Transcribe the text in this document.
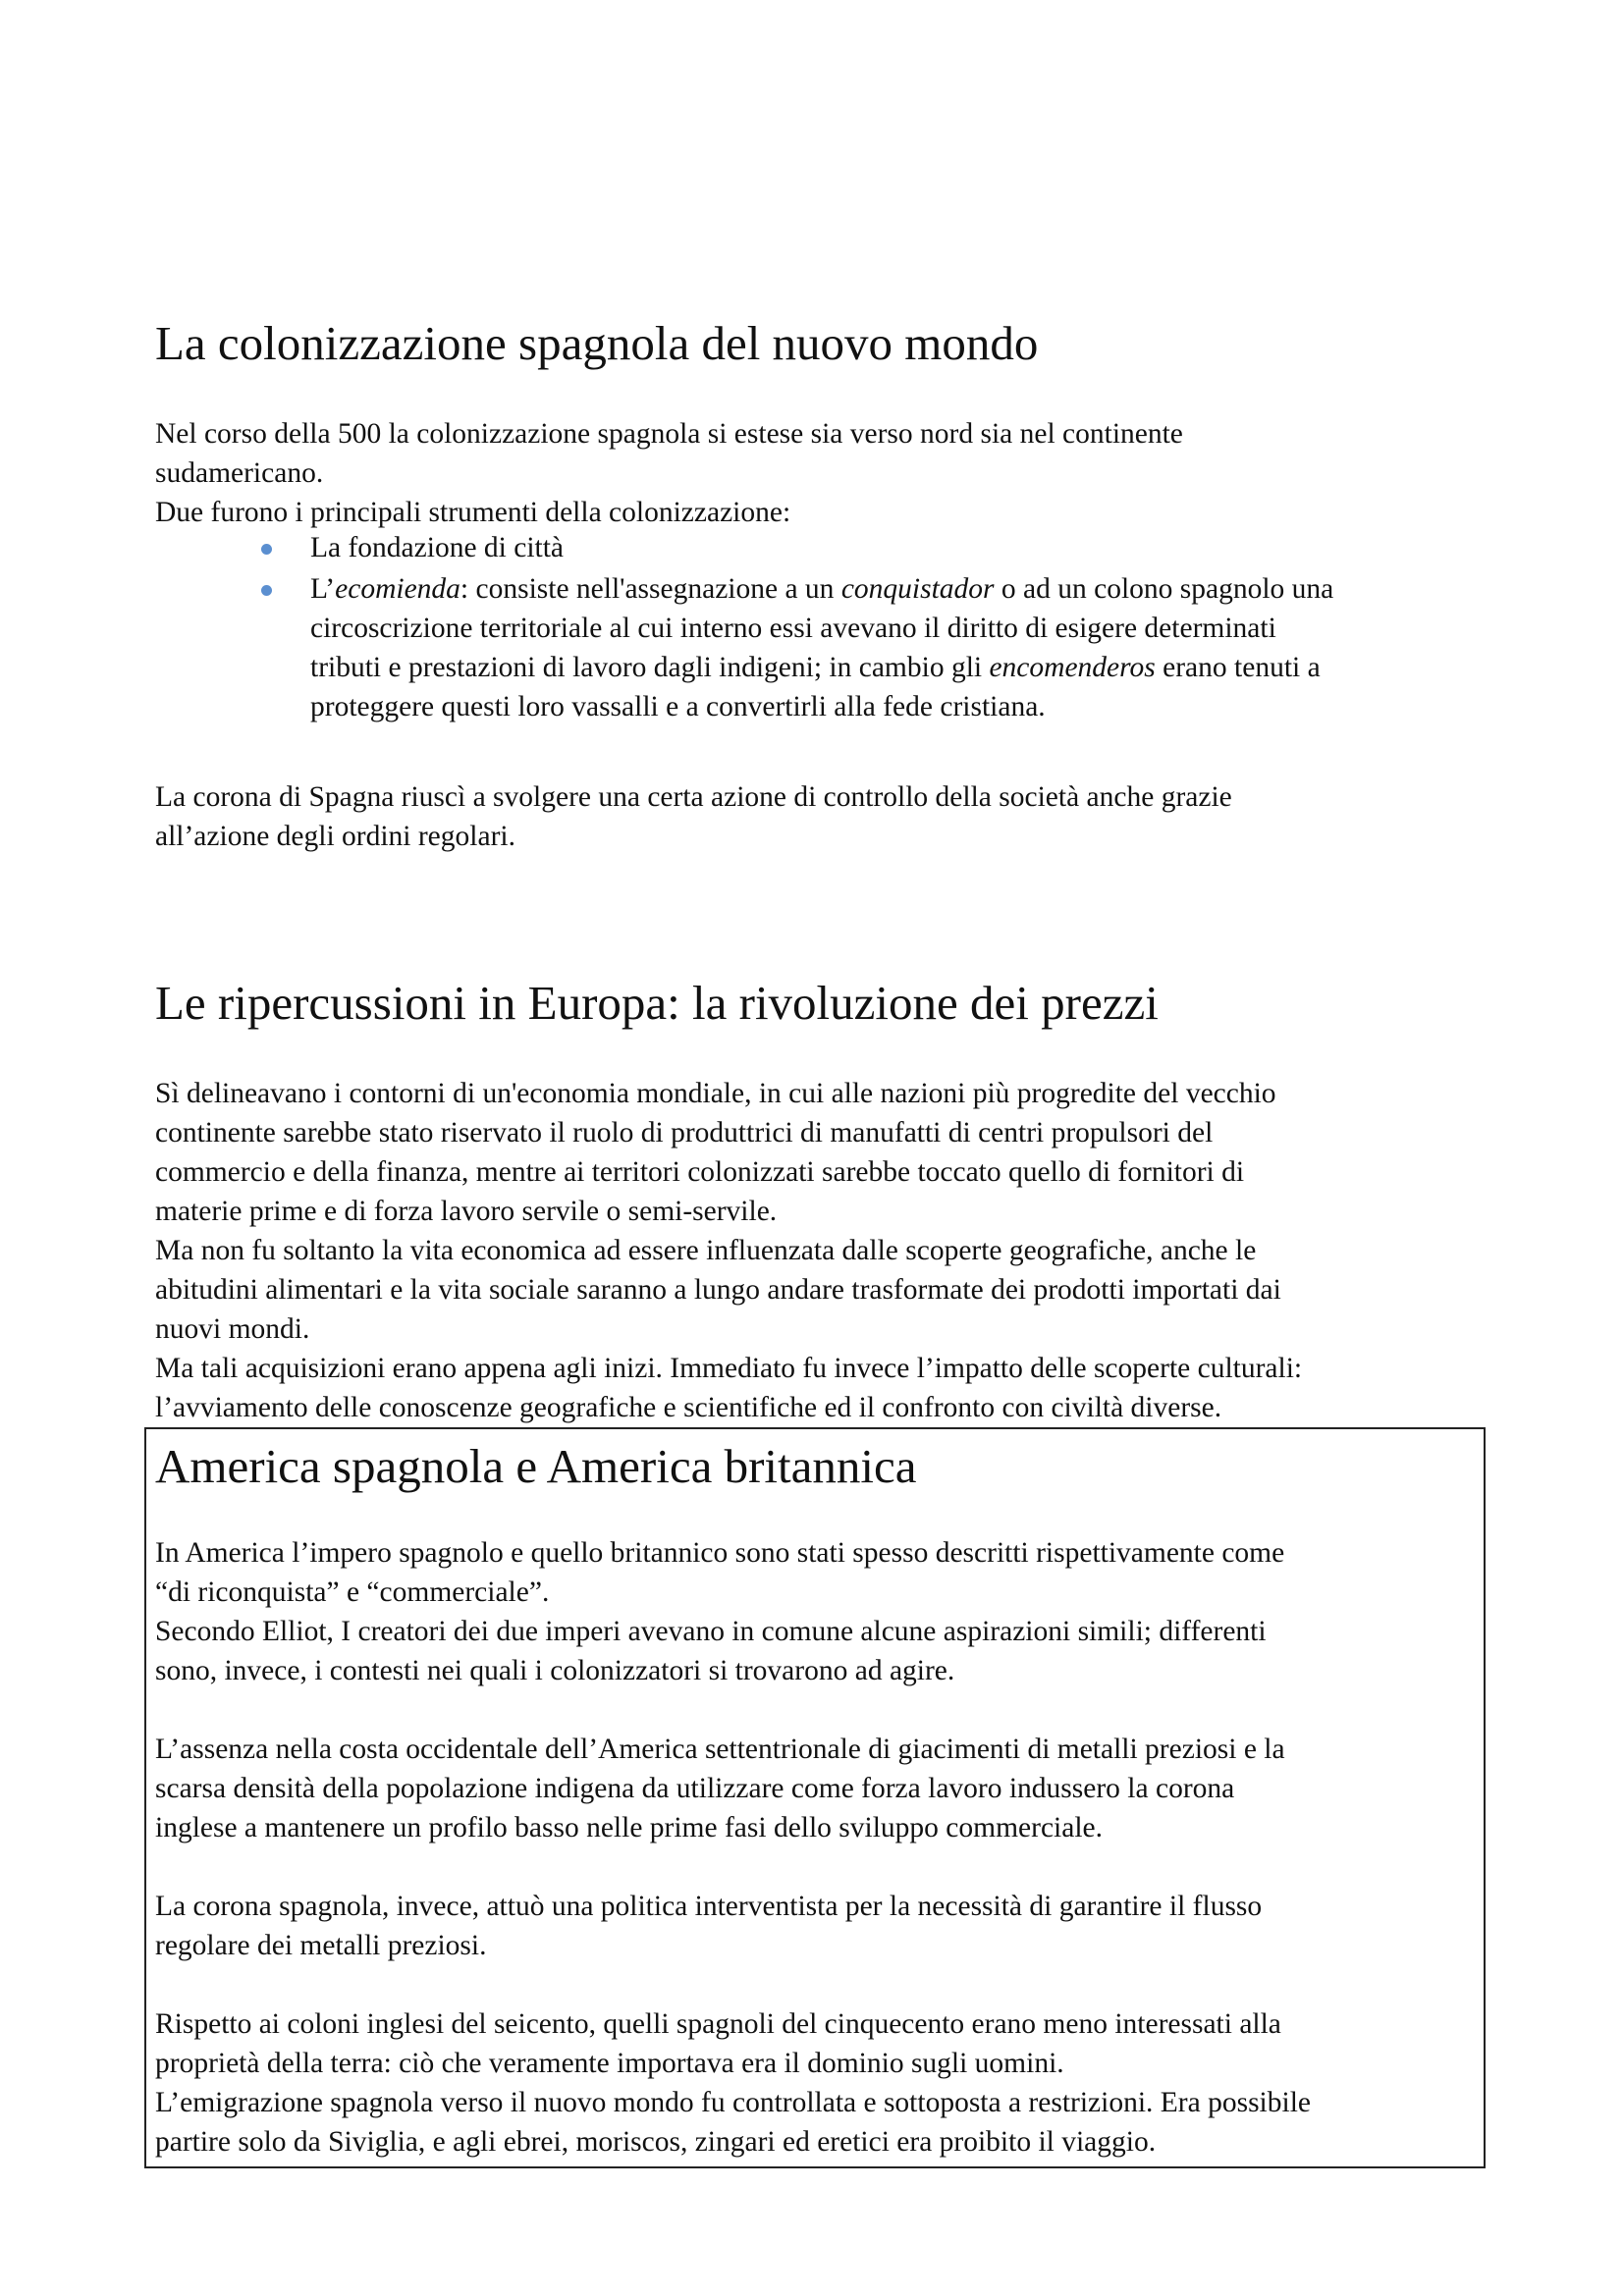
La colonizzazione spagnola del nuovo mondo
Nel corso della 500 la colonizzazione spagnola si estese sia verso nord sia nel continente
sudamericano.
Due furono i principali strumenti della colonizzazione:
La fondazione di città
L’ecomienda: consiste nell'assegnazione a un conquistador o ad un colono spagnolo una
circoscrizione territoriale al cui interno essi avevano il diritto di esigere determinati
tributi e prestazioni di lavoro dagli indigeni; in cambio gli encomenderos erano tenuti a
proteggere questi loro vassalli e a convertirli alla fede cristiana.
La corona di Spagna riuscì a svolgere una certa azione di controllo della società anche grazie
all’azione degli ordini regolari.
Le ripercussioni in Europa: la rivoluzione dei prezzi
Sì delineavano i contorni di un'economia mondiale, in cui alle nazioni più progredite del vecchio
continente sarebbe stato riservato il ruolo di produttrici di manufatti di centri propulsori del
commercio e della finanza, mentre ai territori colonizzati sarebbe toccato quello di fornitori di
materie prime e di forza lavoro servile o semi-servile.
Ma non fu soltanto la vita economica ad essere influenzata dalle scoperte geografiche, anche le
abitudini alimentari e la vita sociale saranno a lungo andare trasformate dei prodotti importati dai
nuovi mondi.
Ma tali acquisizioni erano appena agli inizi. Immediato fu invece l’impatto delle scoperte culturali:
l’avviamento delle conoscenze geografiche e scientifiche ed il confronto con civiltà diverse.
America spagnola e America britannica
In America l’impero spagnolo e quello britannico sono stati spesso descritti rispettivamente come
“di riconquista” e “commerciale”.
Secondo Elliot, I creatori dei due imperi avevano in comune alcune aspirazioni simili; differenti
sono, invece, i contesti nei quali i colonizzatori si trovarono ad agire.
L’assenza nella costa occidentale dell’America settentrionale di giacimenti di metalli preziosi e la
scarsa densità della popolazione indigena da utilizzare come forza lavoro indussero la corona
inglese a mantenere un profilo basso nelle prime fasi dello sviluppo commerciale.
La corona spagnola, invece, attuò una politica interventista per la necessità di garantire il flusso
regolare dei metalli preziosi.
Rispetto ai coloni inglesi del seicento, quelli spagnoli del cinquecento erano meno interessati alla
proprietà della terra: ciò che veramente importava era il dominio sugli uomini.
L’emigrazione spagnola verso il nuovo mondo fu controllata e sottoposta a restrizioni. Era possibile
partire solo da Siviglia, e agli ebrei, moriscos, zingari ed eretici era proibito il viaggio.
